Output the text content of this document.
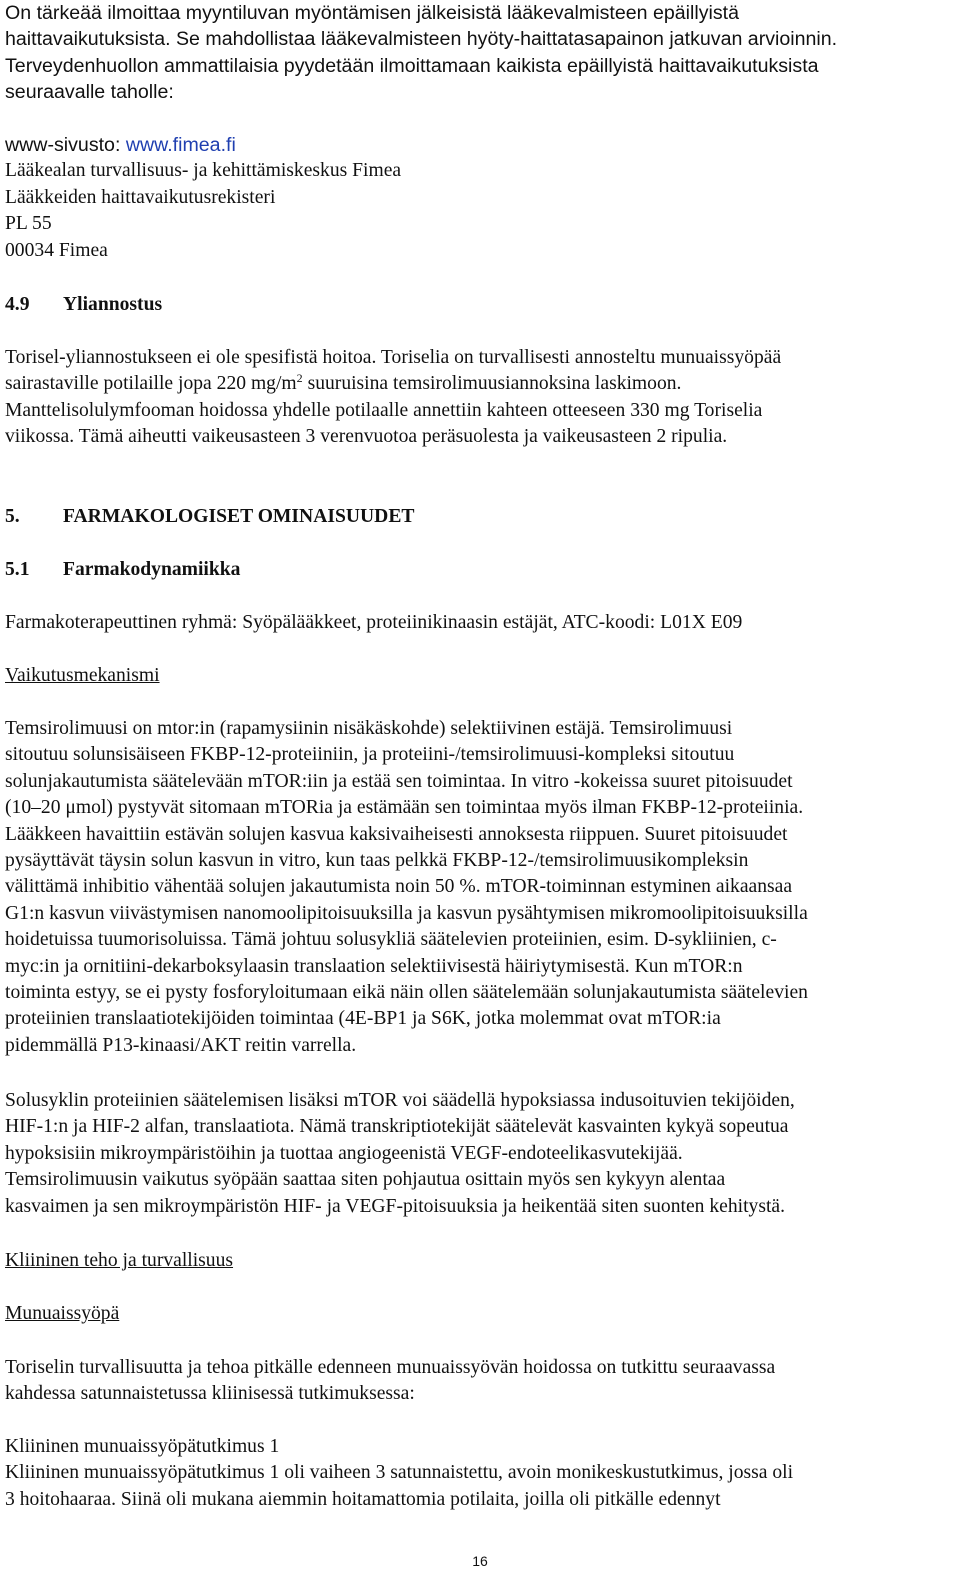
On tärkeää ilmoittaa myyntiluvan myöntämisen jälkeisistä lääkevalmisteen epäillyistä

haittavaikutuksista. Se mahdollistaa lääkevalmisteen hyöty-haittatasapainon jatkuvan arvioinnin.

Terveydenhuollon ammattilaisia pyydetään ilmoittamaan kaikista epäillyistä haittavaikutuksista

seuraavalle taholle:

www-sivusto: www.fimea.fi

Lääkealan turvallisuus- ja kehittämiskeskus Fimea

Lääkkeiden haittavaikutusrekisteri

PL 55

00034 Fimea

4.9	Yliannostus

Torisel-yliannostukseen ei ole spesifistä hoitoa. Toriselia on turvallisesti annosteltu munuaissyöpää

sairastaville potilaille jopa 220 $mg/m^2$ suuruisina temsirolimuusiannoksina laskimoon.

Manttelisolulymfooman hoidossa yhdelle potilaalle annettiin kahteen otteeseen 330 mg Toriselia

viikossa. Tämä aiheutti vaikeusasteen 3 verenvuotoa peräsuolesta ja vaikeusasteen 2 ripulia.

5.	FARMAKOLOGISET OMINAISUUDET
5.1	Farmakodynamiikka

Farmakoterapeuttinen ryhmä: Syöpälääkkeet, proteiinikinaasin estäjät, ATC-koodi: L01X E09

Vaikutusmekanismi

Temsirolimuusi on mtor:in (rapamysiinin nisäkäskohde) selektiivinen estäjä. Temsirolimuusi

sitoutuu solunsisäiseen FKBP-12-proteiiniin, ja proteiini-/temsirolimuusi-kompleksi sitoutuu

solunjakautumista säätelevään mTOR:iin ja estää sen toimintaa. In vitro -kokeissa suuret pitoisuudet

(10–20 μmol) pystyvät sitomaan mTORia ja estämään sen toimintaa myös ilman FKBP-12-proteiinia.

Lääkkeen havaittiin estävän solujen kasvua kaksivaiheisesti annoksesta riippuen. Suuret pitoisuudet

pysäyttävät täysin solun kasvun in vitro, kun taas pelkkä FKBP-12-/temsirolimuusikompleksin

välittämä inhibitio vähentää solujen jakautumista noin 50 %. mTOR-toiminnan estyminen aikaansaa

G1:n kasvun viivästymisen nanomoolipitoisuuksilla ja kasvun pysähtymisen mikromoolipitoisuuksilla

hoidetuissa tuumorisoluissa. Tämä johtuu solusykliä säätelevien proteiinien, esim. D-sykliinien, c-

myc:in ja ornitiini-dekarboksylaasin translaation selektiivisestä häiriytymisestä. Kun mTOR:n

toiminta estyy, se ei pysty fosforyloitumaan eikä näin ollen säätelemään solunjakautumista säätelevien

proteiinien translaatiotekijöiden toimintaa (4E-BP1 ja S6K, jotka molemmat ovat mTOR:ia

pidemmällä P13-kinaasi/AKT reitin varrella.

Solusyklin proteiinien säätelemisen lisäksi mTOR voi säädellä hypoksiassa indusoituvien tekijöiden,

HIF-1:n ja HIF-2 alfan, translaatiota. Nämä transkriptiotekijät säätelevät kasvainten kykyä sopeutua

hypoksisiin mikroympäristöihin ja tuottaa angiogeenistä VEGF-endoteelikasvutekijää.

Temsirolimuusin vaikutus syöpään saattaa siten pohjautua osittain myös sen kykyyn alentaa

kasvaimen ja sen mikroympäristön HIF- ja VEGF-pitoisuuksia ja heikentää siten suonten kehitystä.

Kliininen teho ja turvallisuus

Munuaissyöpä

Toriselin turvallisuutta ja tehoa pitkälle edenneen munuaissyövän hoidossa on tutkittu seuraavassa

kahdessa satunnaistetussa kliinisessä tutkimuksessa:

Kliininen munuaissyöpätutkimus 1

Kliininen munuaissyöpätutkimus 1 oli vaiheen 3 satunnaistettu, avoin monikeskustutkimus, jossa oli

3 hoitohaaraa. Siinä oli mukana aiemmin hoitamattomia potilaita, joilla oli pitkälle edennyt

16
